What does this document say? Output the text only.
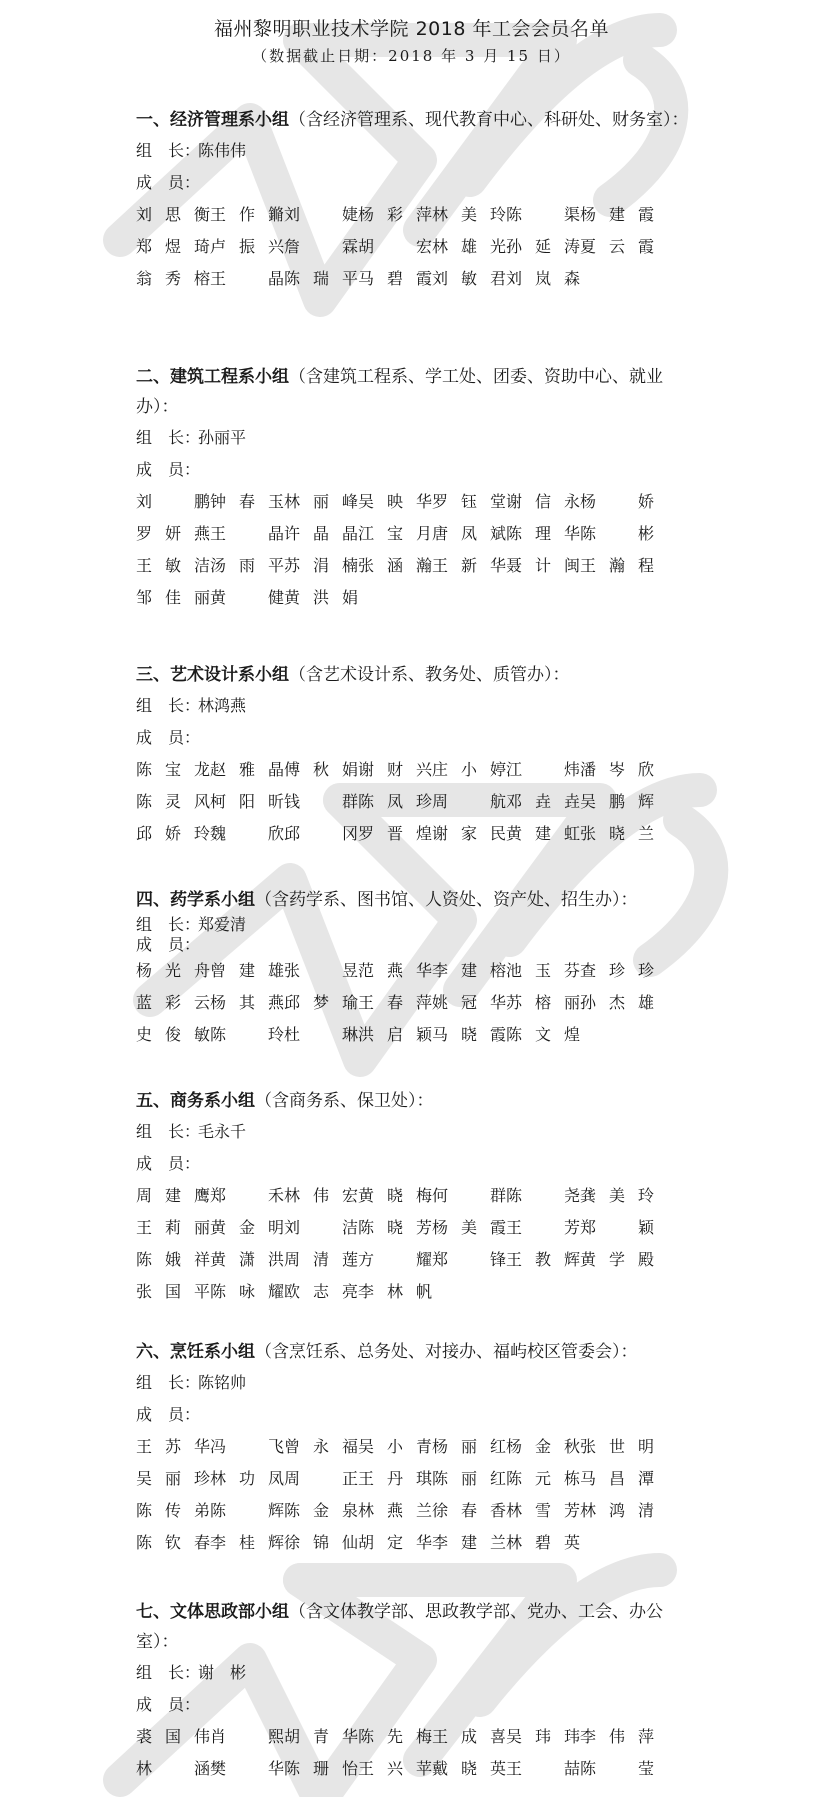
福州黎明职业技术学院 2018 年工会会员名单
（数据截止日期：2018 年 3 月 15 日）
一、经济管理系小组（含经济管理系、现代教育中心、科研处、财务室）：
组　长：陈伟伟
成　员：
刘思衡 王作鏅 刘　婕 杨彩萍 林美玲 陈　渠 杨建霞
郑煜琦 卢振兴 詹　霖 胡　宏 林雄光 孙延涛 夏云霞
翁秀榕 王　晶 陈瑞平 马碧霞 刘敏君 刘岚森
二、建筑工程系小组（含建筑工程系、学工处、团委、资助中心、就业办）：
组　长：孙丽平
成　员：
刘　鹏 钟春玉 林丽峰 吴映华 罗钰堂 谢信永 杨　娇
罗妍燕 王　晶 许晶晶 江宝月 唐凤斌 陈理华 陈　彬
王敏洁 汤雨平 苏涓楠 张涵瀚 王新华 聂计闽 王瀚程
邹佳丽 黄　健 黄洪娟
三、艺术设计系小组（含艺术设计系、教务处、质管办）：
组　长：林鸿燕
成　员：
陈宝龙 赵雅晶 傅秋娟 谢财兴 庄小婷 江　炜 潘岑欣
陈灵风 柯阳昕 钱　群 陈凤珍 周　航 邓垚垚 吴鹏辉
邱娇玲 魏　欣 邱　冈 罗晋煌 谢家民 黄建虹 张晓兰
四、药学系小组（含药学系、图书馆、人资处、资产处、招生办）：
组　长：郑爱清
成　员：
杨光舟 曾建雄 张　昱 范燕华 李建榕 池玉芬 查珍珍
蓝彩云 杨其燕 邱梦瑜 王春萍 姚冠华 苏榕丽 孙杰雄
史俊敏 陈　玲 杜　琳 洪启颖 马晓霞 陈文煌
五、商务系小组（含商务系、保卫处）：
组　长：毛永千
成　员：
周建鹰 郑　禾 林伟宏 黄晓梅 何　群 陈　尧 龚美玲
王莉丽 黄金明 刘　洁 陈晓芳 杨美霞 王　芳 郑　颖
陈娥祥 黄潇洪 周清莲 方　耀 郑　锋 王教辉 黄学殿
张国平 陈咏耀 欧志亮 李林帆
六、烹饪系小组（含烹饪系、总务处、对接办、福屿校区管委会）：
组　长：陈铭帅
成　员：
王苏华 冯　飞 曾永福 吴小青 杨丽红 杨金秋 张世明
吴丽珍 林功凤 周　正 王丹琪 陈丽红 陈元栋 马昌潭
陈传弟 陈　辉 陈金泉 林燕兰 徐春香 林雪芳 林鸿清
陈钦春 李桂辉 徐锦仙 胡定华 李建兰 林碧英
七、文体思政部小组（含文体教学部、思政教学部、党办、工会、办公室）：
组　长：谢　彬
成　员：
裘国伟 肖　熙 胡青华 陈先梅 王成喜 吴玮玮 李伟萍
林　涵 樊　华 陈珊怡 王兴苹 戴晓英 王　喆 陈　莹
